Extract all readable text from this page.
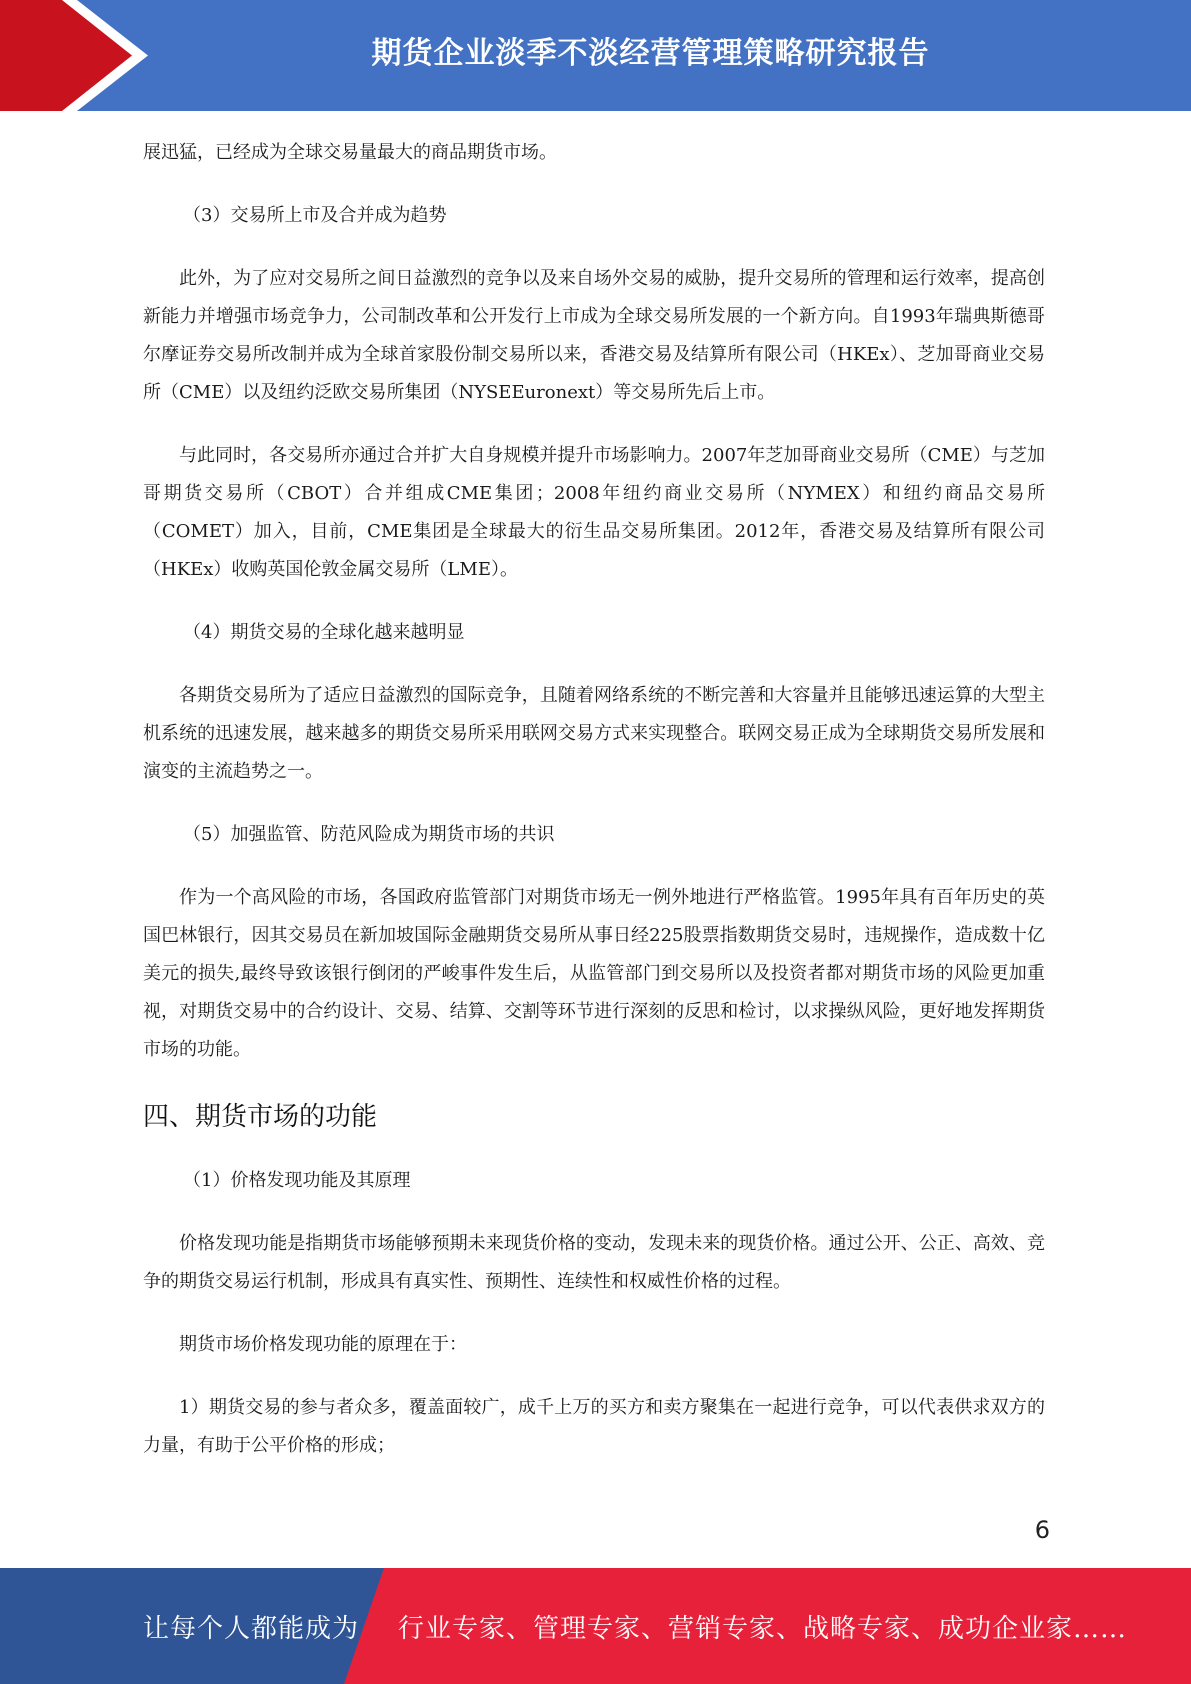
期货企业淡季不淡经营管理策略研究报告

展迅猛，已经成为全球交易量最大的商品期货市场。

（3）交易所上市及合并成为趋势

此外，为了应对交易所之间日益激烈的竞争以及来自场外交易的威胁，提升交易所的管理和运行效率，提高创新能力并增强市场竞争力，公司制改革和公开发行上市成为全球交易所发展的一个新方向。自1993年瑞典斯德哥尔摩证券交易所改制并成为全球首家股份制交易所以来，香港交易及结算所有限公司（HKEx）、芝加哥商业交易所（CME）以及纽约泛欧交易所集团（NYSEEuronext）等交易所先后上市。

与此同时，各交易所亦通过合并扩大自身规模并提升市场影响力。2007年芝加哥商业交易所（CME）与芝加哥期货交易所（CBOT）合并组成CME集团；2008年纽约商业交易所（NYMEX）和纽约商品交易所（COMET）加入，目前，CME集团是全球最大的衍生品交易所集团。2012年，香港交易及结算所有限公司（HKEx）收购英国伦敦金属交易所（LME）。

（4）期货交易的全球化越来越明显

各期货交易所为了适应日益激烈的国际竞争，且随着网络系统的不断完善和大容量并且能够迅速运算的大型主机系统的迅速发展，越来越多的期货交易所采用联网交易方式来实现整合。联网交易正成为全球期货交易所发展和演变的主流趋势之一。

（5）加强监管、防范风险成为期货市场的共识

作为一个高风险的市场，各国政府监管部门对期货市场无一例外地进行严格监管。1995年具有百年历史的英国巴林银行，因其交易员在新加坡国际金融期货交易所从事日经225股票指数期货交易时，违规操作，造成数十亿美元的损失,最终导致该银行倒闭的严峻事件发生后，从监管部门到交易所以及投资者都对期货市场的风险更加重视，对期货交易中的合约设计、交易、结算、交割等环节进行深刻的反思和检讨，以求操纵风险，更好地发挥期货市场的功能。

四、期货市场的功能

（1）价格发现功能及其原理

价格发现功能是指期货市场能够预期未来现货价格的变动，发现未来的现货价格。通过公开、公正、高效、竞争的期货交易运行机制，形成具有真实性、预期性、连续性和权威性价格的过程。

期货市场价格发现功能的原理在于：

1）期货交易的参与者众多，覆盖面较广，成千上万的买方和卖方聚集在一起进行竞争，可以代表供求双方的力量，有助于公平价格的形成；

6
让每个人都能成为 行业专家、管理专家、营销专家、战略专家、成功企业家……
